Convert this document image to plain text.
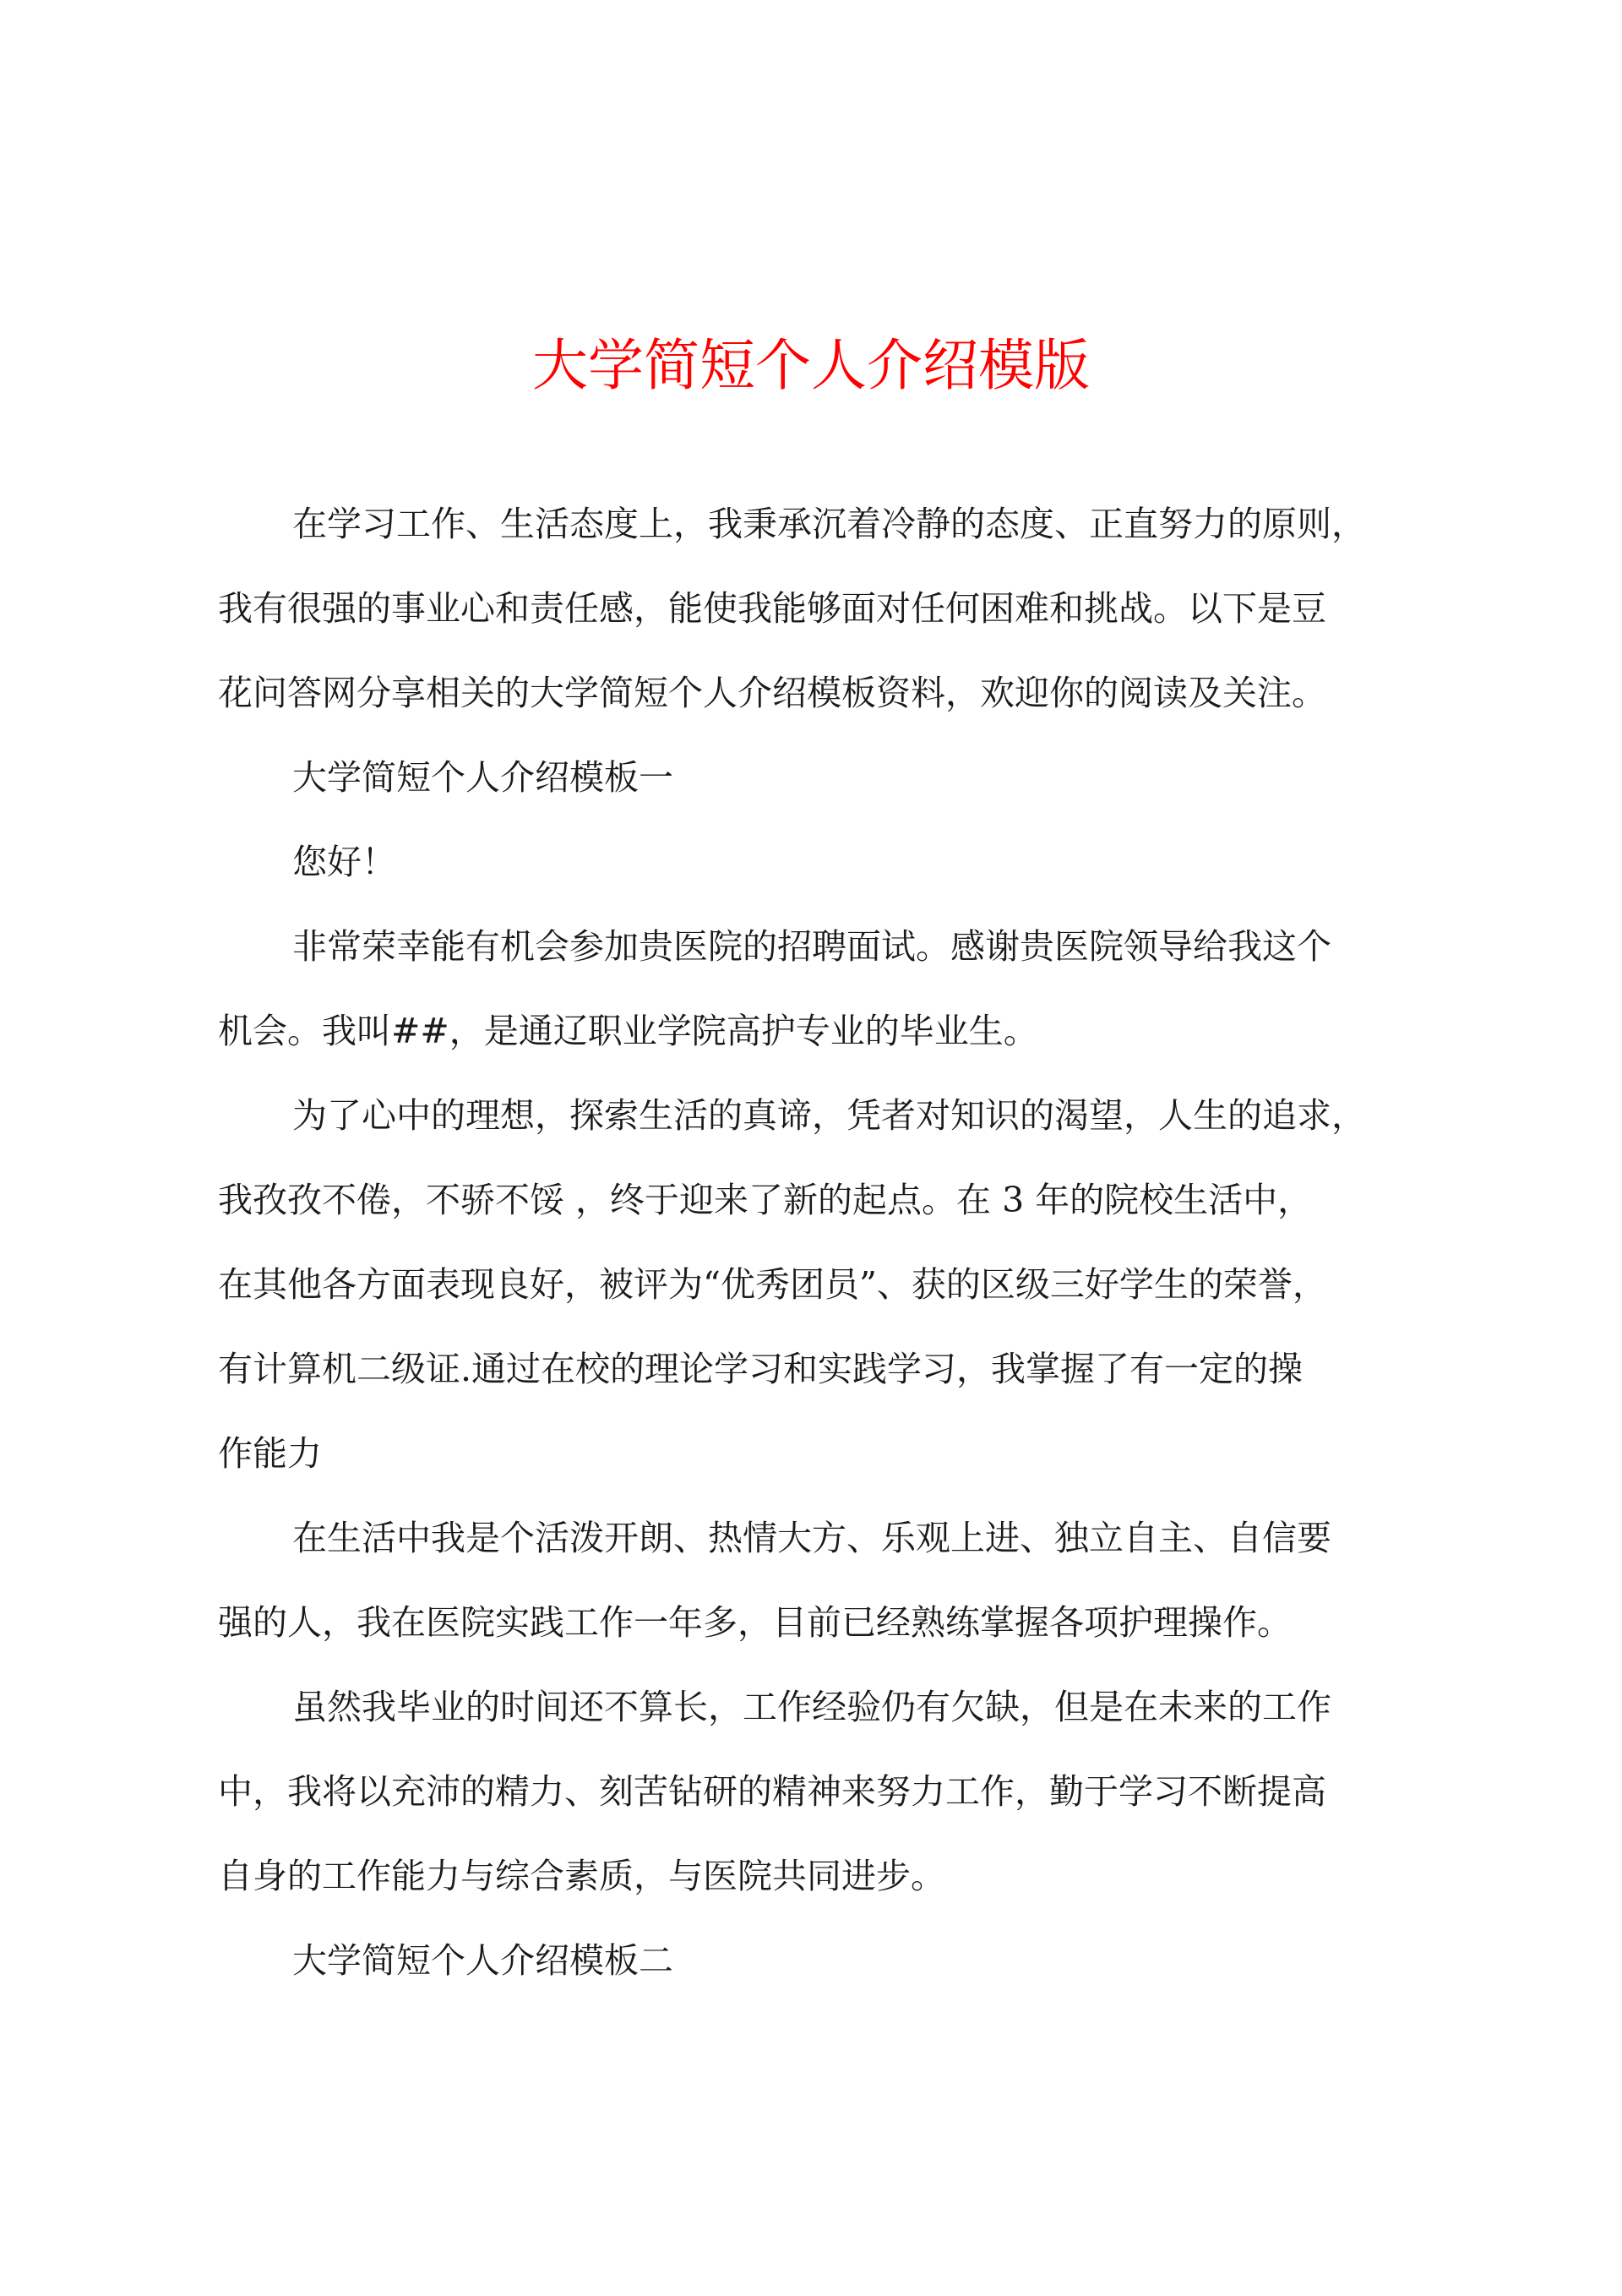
大学简短个人介绍模版
在学习工作、生活态度上，我秉承沉着冷静的态度、正直努力的原则，
我有很强的事业心和责任感，能使我能够面对任何困难和挑战。以下是豆
花问答网分享相关的大学简短个人介绍模板资料，欢迎你的阅读及关注。
大学简短个人介绍模板一
您好！
非常荣幸能有机会参加贵医院的招聘面试。感谢贵医院领导给我这个
机会。我叫##，是通辽职业学院高护专业的毕业生。
为了心中的理想，探索生活的真谛，凭者对知识的渴望，人生的追求，
我孜孜不倦，不骄不馁 ，终于迎来了新的起点。在 3 年的院校生活中，
在其他各方面表现良好，被评为“优秀团员”、获的区级三好学生的荣誉，
有计算机二级证.通过在校的理论学习和实践学习，我掌握了有一定的操
作能力
在生活中我是个活泼开朗、热情大方、乐观上进、独立自主、自信要
强的人，我在医院实践工作一年多，目前已经熟练掌握各项护理操作。
虽然我毕业的时间还不算长，工作经验仍有欠缺，但是在未来的工作
中，我将以充沛的精力、刻苦钻研的精神来努力工作，勤于学习不断提高
自身的工作能力与综合素质，与医院共同进步。
大学简短个人介绍模板二
